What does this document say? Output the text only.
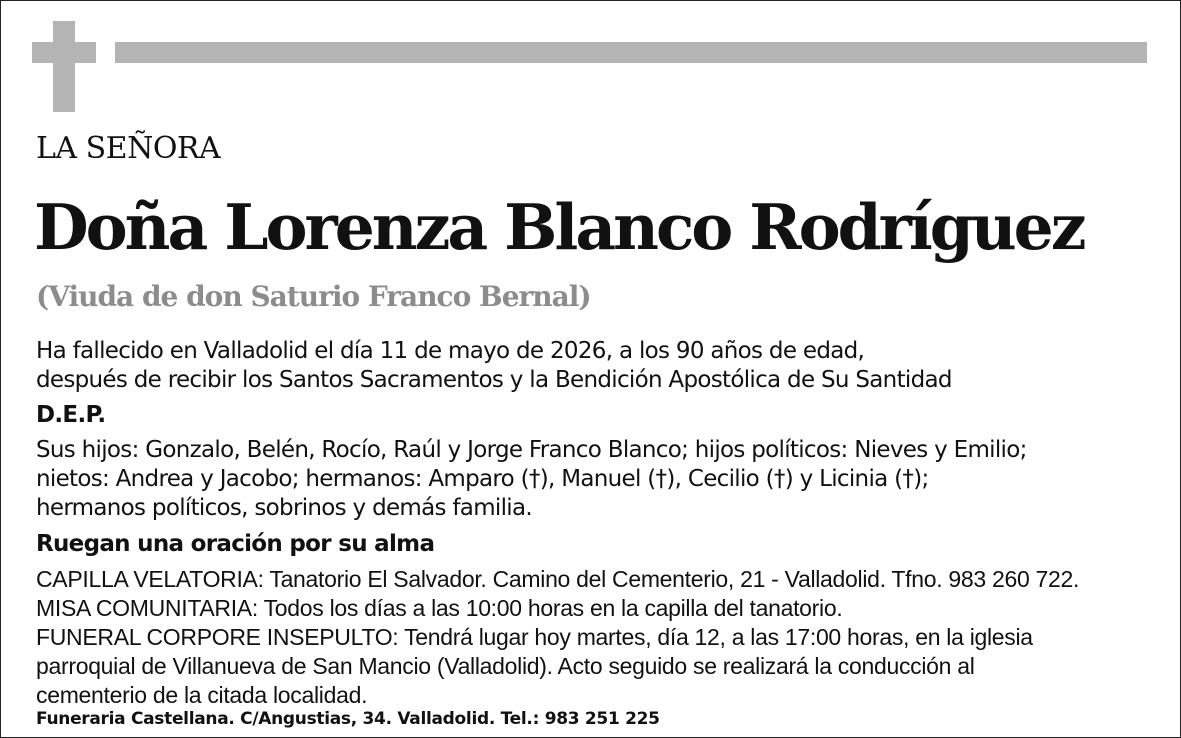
LA SEÑORA
Doña Lorenza Blanco Rodríguez
(Viuda de don Saturio Franco Bernal)
Ha fallecido en Valladolid el día 11 de mayo de 2026, a los 90 años de edad,
después de recibir los Santos Sacramentos y la Bendición Apostólica de Su Santidad
D.E.P.
Sus hijos: Gonzalo, Belén, Rocío, Raúl y Jorge Franco Blanco; hijos políticos: Nieves y Emilio;
nietos: Andrea y Jacobo; hermanos: Amparo (†), Manuel (†), Cecilio (†) y Licinia (†);
hermanos políticos, sobrinos y demás familia.
Ruegan una oración por su alma
CAPILLA VELATORIA: Tanatorio El Salvador. Camino del Cementerio, 21 - Valladolid. Tfno. 983 260 722.
MISA COMUNITARIA: Todos los días a las 10:00 horas en la capilla del tanatorio.
FUNERAL CORPORE INSEPULTO: Tendrá lugar hoy martes, día 12, a las 17:00 horas, en la iglesia
parroquial de Villanueva de San Mancio (Valladolid). Acto seguido se realizará la conducción al
cementerio de la citada localidad.
Funeraria Castellana. C/Angustias, 34. Valladolid. Tel.: 983 251 225
